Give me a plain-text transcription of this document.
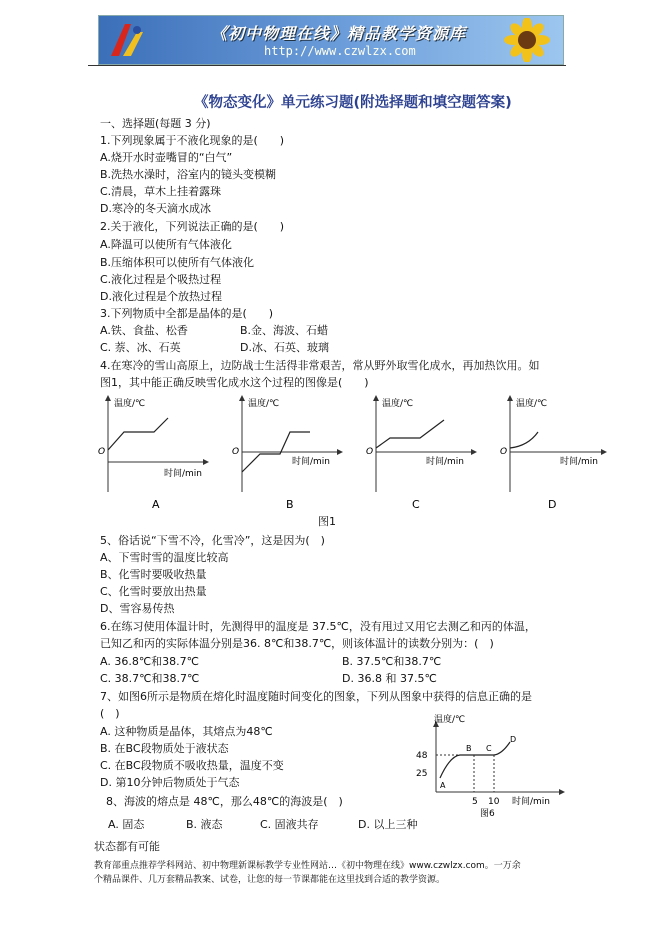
《初中物理在线》精品教学资源库
http://www.czwlzx.com
《物态变化》单元练习题(附选择题和填空题答案)
一、选择题(每题 3 分)
1.下列现象属于不液化现象的是(　　)
A.烧开水时壶嘴冒的“白气”
B.洗热水澡时，浴室内的镜头变模糊
C.清晨，草木上挂着露珠
D.寒冷的冬天滴水成冰
2.关于液化，下列说法正确的是(　　)
A.降温可以使所有气体液化
B.压缩体积可以使所有气体液化
C.液化过程是个吸热过程
D.液化过程是个放热过程
3.下列物质中全都是晶体的是(　　)
A.铁、食盐、松香	B.金、海波、石蜡
C. 萘、冰、石英	D.冰、石英、玻璃
4.在寒冷的雪山高原上，边防战士生活得非常艰苦，常从野外取雪化成水，再加热饮用。如
图1，其中能正确反映雪化成水这个过程的图像是(　　)
温度/℃
时间/min
O
A
温度/℃
时间/min
O
B
温度/℃
时间/min
O
C
温度/℃
时间/min
O
D
图1
5、俗话说“下雪不冷，化雪冷”，这是因为(　)
A、下雪时雪的温度比较高
B、化雪时要吸收热量
C、化雪时要放出热量
D、雪容易传热
6.在练习使用体温计时，先测得甲的温度是 37.5℃，没有甩过又用它去测乙和丙的体温，
已知乙和丙的实际体温分别是36. 8℃和38.7℃，则该体温计的读数分别为：(　)
A. 36.8℃和38.7℃	B. 37.5℃和38.7℃
C. 38.7℃和38.7℃	D. 36.8 和 37.5℃
7、如图6所示是物质在熔化时温度随时间变化的图象，下列从图象中获得的信息正确的是
(　)
A. 这种物质是晶体，其熔点为48℃
B. 在BC段物质处于液状态
C. 在BC段物质不吸收热量，温度不变
D. 第10分钟后物质处于气态
温度/℃
时间/min
48
25
5 10
A
B C
D
图6
8、海波的熔点是 48℃，那么48℃的海波是(　)
A. 固态	B. 液态	C. 固液共存	D. 以上三种
状态都有可能
教育部重点推荐学科网站、初中物理新课标教学专业性网站…《初中物理在线》www.czwlzx.com。一万余
个精品课件、几万套精品教案、试卷，让您的每一节课都能在这里找到合适的教学资源。
